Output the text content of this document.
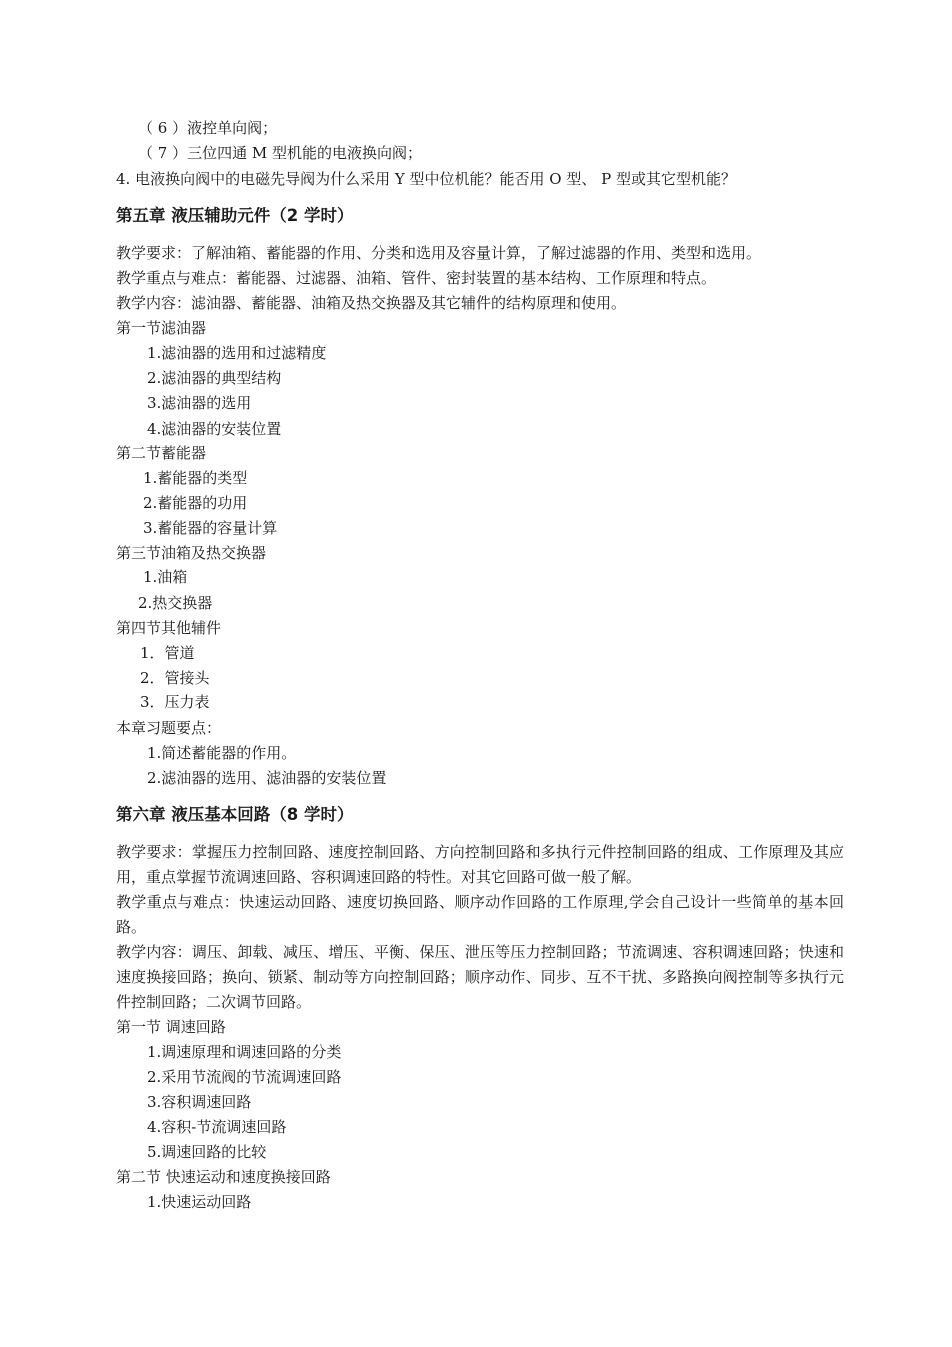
（ 6 ）液控单向阀；
（ 7 ）三位四通 M 型机能的电液换向阀；
4. 电液换向阀中的电磁先导阀为什么采用 Y 型中位机能？能否用 O 型、 P 型或其它型机能？
第五章 液压辅助元件（2 学时）
教学要求：了解油箱、蓄能器的作用、分类和选用及容量计算，了解过滤器的作用、类型和选用。
教学重点与难点：蓄能器、过滤器、油箱、管件、密封装置的基本结构、工作原理和特点。
教学内容：滤油器、蓄能器、油箱及热交换器及其它辅件的结构原理和使用。
第一节滤油器
1.滤油器的选用和过滤精度
2.滤油器的典型结构
3.滤油器的选用
4.滤油器的安装位置
第二节蓄能器
1.蓄能器的类型
2.蓄能器的功用
3.蓄能器的容量计算
第三节油箱及热交换器
1.油箱
2.热交换器
第四节其他辅件
1．管道
2．管接头
3．压力表
本章习题要点：
1.简述蓄能器的作用。
2.滤油器的选用、滤油器的安装位置
第六章 液压基本回路（8 学时）
教学要求：掌握压力控制回路、速度控制回路、方向控制回路和多执行元件控制回路的组成、工作原理及其应用，重点掌握节流调速回路、容积调速回路的特性。对其它回路可做一般了解。
教学重点与难点：快速运动回路、速度切换回路、顺序动作回路的工作原理,学会自己设计一些简单的基本回路。
教学内容：调压、卸载、减压、增压、平衡、保压、泄压等压力控制回路；节流调速、容积调速回路；快速和速度换接回路；换向、锁紧、制动等方向控制回路；顺序动作、同步、互不干扰、多路换向阀控制等多执行元件控制回路；二次调节回路。
第一节 调速回路
1.调速原理和调速回路的分类
2.采用节流阀的节流调速回路
3.容积调速回路
4.容积-节流调速回路
5.调速回路的比较
第二节 快速运动和速度换接回路
1.快速运动回路
